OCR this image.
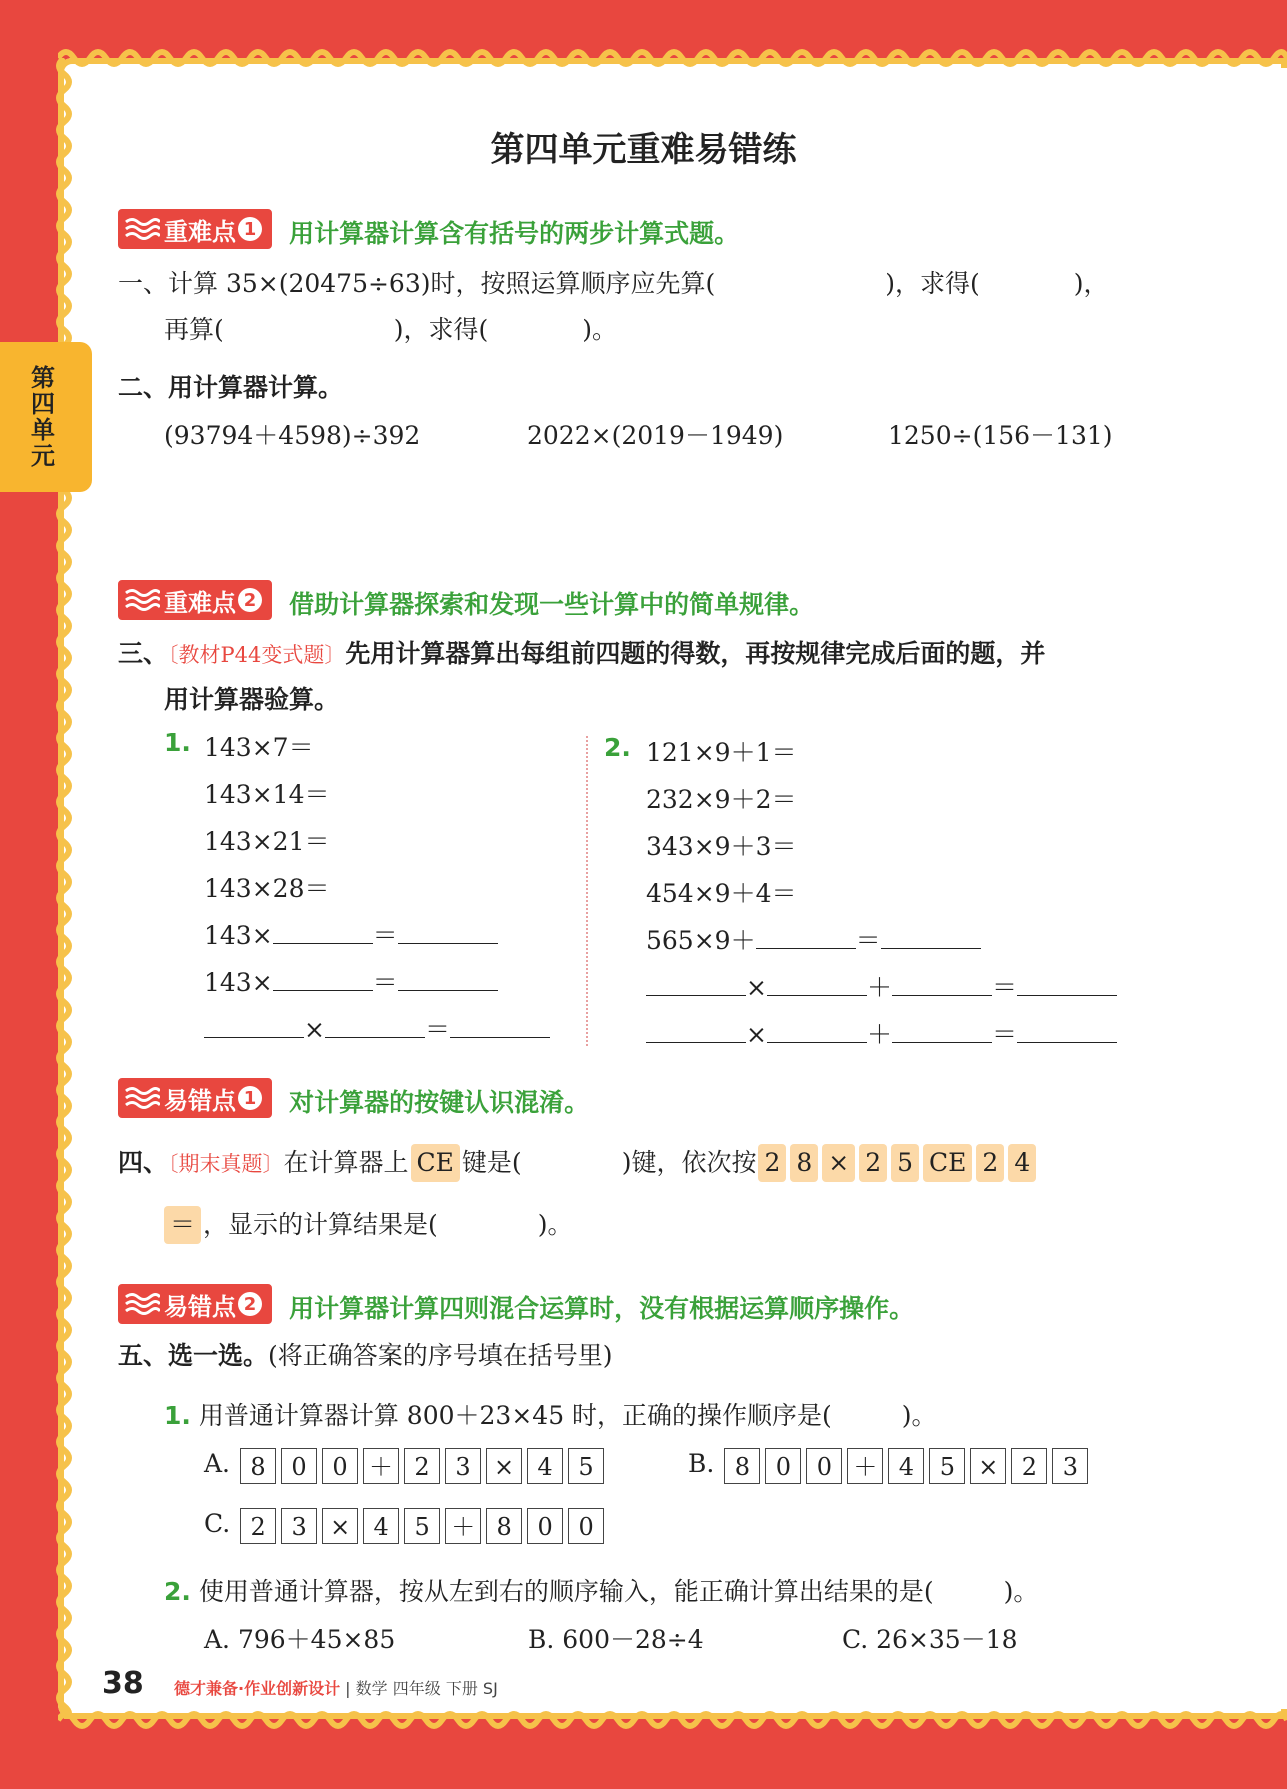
第四单元
第四单元重难易错练
重难点 1 用计算器计算含有括号的两步计算式题。
一、计算 35×(20475÷63)时，按照运算顺序应先算(	)，求得(	)，
再算(	)，求得(	)。
二、用计算器计算。
(93794＋4598)÷392	2022×(2019－1949)	1250÷(156－131)
重难点 2 借助计算器探索和发现一些计算中的简单规律。
三、〔教材P44变式题〕先用计算器算出每组前四题的得数，再按规律完成后面的题，并
用计算器验算。
1. 143×7＝
143×14＝
143×21＝
143×28＝
143×	＝
143×	＝
×	＝
2. 121×9＋1＝
232×9＋2＝
343×9＋3＝
454×9＋4＝
565×9＋	＝
×	＋	＝
×	＋	＝
易错点 1 对计算器的按键认识混淆。
四、〔期末真题〕在计算器上 CE 键是(	)键，依次按 2 8 × 2 5 CE 2 4
＝ ，显示的计算结果是(	)。
易错点 2 用计算器计算四则混合运算时，没有根据运算顺序操作。
五、选一选。(将正确答案的序号填在括号里)
1. 用普通计算器计算 800＋23×45 时，正确的操作顺序是(	)。
A. 8 0 0 ＋ 2 3 × 4 5	B. 8 0 0 ＋ 4 5 × 2 3
C. 2 3 × 4 5 ＋ 8 0 0
2. 使用普通计算器，按从左到右的顺序输入，能正确计算出结果的是(	)。
A. 796＋45×85	B. 600－28÷4	C. 26×35－18
38 德才兼备·作业创新设计 | 数学 四年级 下册 SJ
